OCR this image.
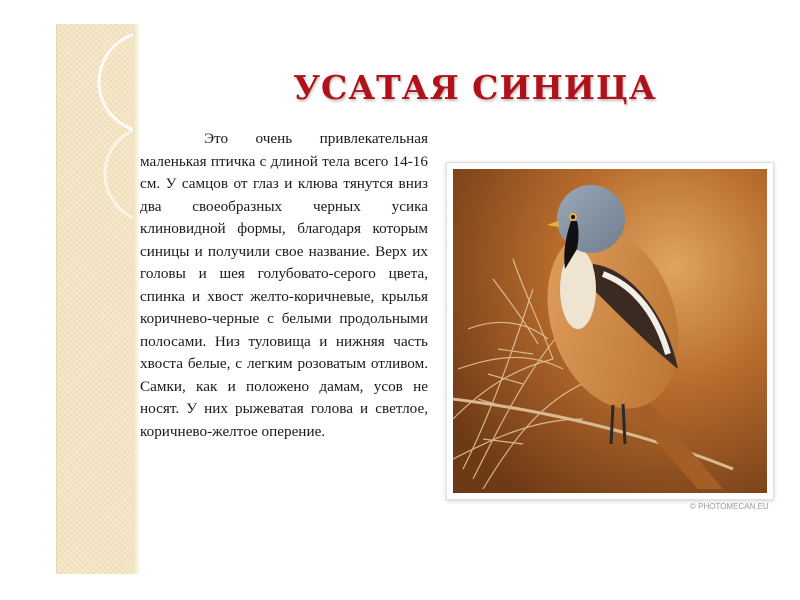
УСАТАЯ СИНИЦА
Это очень привлекательная маленькая птичка с длиной тела всего 14-16 см. У самцов от глаз и клюва тянутся вниз два своеобразных черных усика клиновидной формы, благодаря которым синицы и получили свое название. Верх их головы и шея голубовато-серого цвета, спинка и хвост желто-коричневые, крылья коричнево-черные с белыми продольными полосами. Низ туловища и нижняя часть хвоста белые, с легким розоватым отливом. Самки, как и положено дамам, усов не носят. У них рыжеватая голова и светлое, коричнево-желтое оперение.
© PHOTOMECAN.EU
